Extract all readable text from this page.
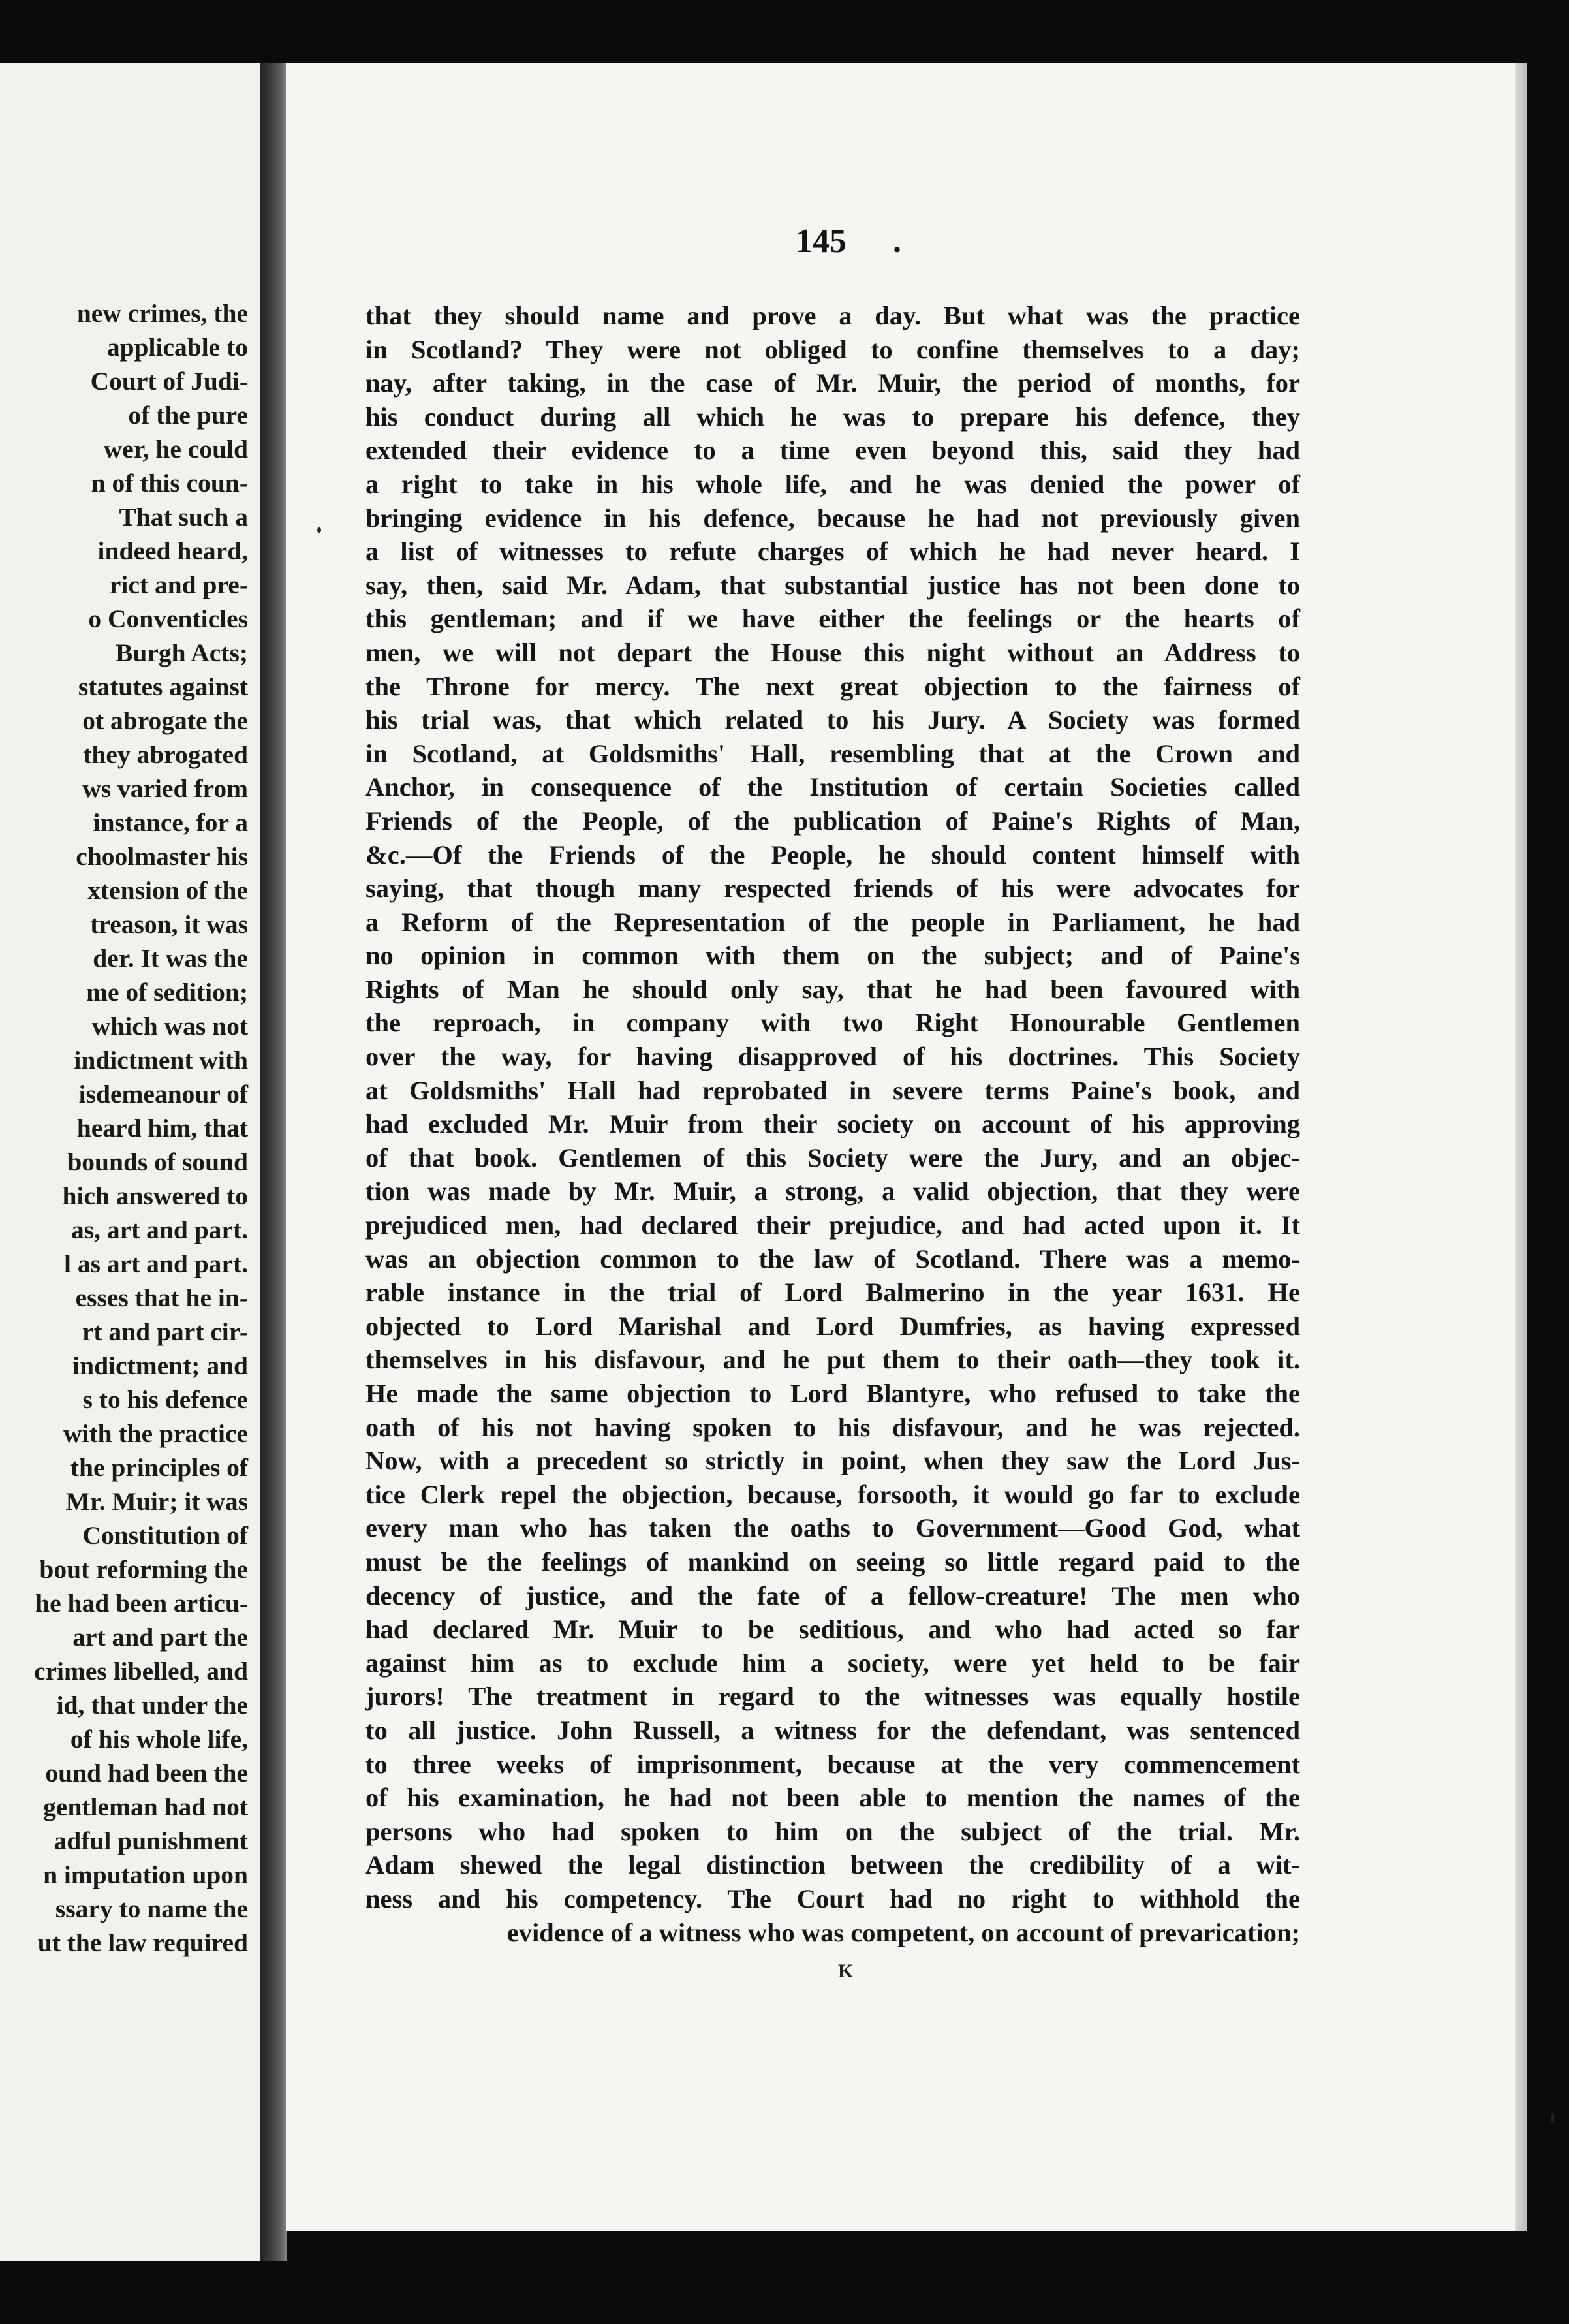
new crimes, the
applicable to
Court of Judi-
of the pure
wer, he could
n of this coun-
That such a
indeed heard,
rict and pre-
o Conventicles
Burgh Acts;
statutes against
ot abrogate the
they abrogated
ws varied from
instance, for a
choolmaster his
xtension of the
treason, it was
der. It was the
me of sedition;
which was not
indictment with
isdemeanour of
heard him, that
bounds of sound
hich answered to
as, art and part.
l as art and part.
esses that he in-
rt and part cir-
indictment; and
s to his defence
with the practice
the principles of
Mr. Muir; it was
Constitution of
bout reforming the
he had been articu-
art and part the
crimes libelled, and
id, that under the
of his whole life,
ound had been the
gentleman had not
adful punishment
n imputation upon
ssary to name the
ut the law required
145 .
that they should name and prove a day. But what was the practice
in Scotland? They were not obliged to confine themselves to a day;
nay, after taking, in the case of Mr. Muir, the period of months, for
his conduct during all which he was to prepare his defence, they
extended their evidence to a time even beyond this, said they had
a right to take in his whole life, and he was denied the power of
bringing evidence in his defence, because he had not previously given
a list of witnesses to refute charges of which he had never heard. I
say, then, said Mr. Adam, that substantial justice has not been done to
this gentleman; and if we have either the feelings or the hearts of
men, we will not depart the House this night without an Address to
the Throne for mercy. The next great objection to the fairness of
his trial was, that which related to his Jury. A Society was formed
in Scotland, at Goldsmiths' Hall, resembling that at the Crown and
Anchor, in consequence of the Institution of certain Societies called
Friends of the People, of the publication of Paine's Rights of Man,
&c.—Of the Friends of the People, he should content himself with
saying, that though many respected friends of his were advocates for
a Reform of the Representation of the people in Parliament, he had
no opinion in common with them on the subject; and of Paine's
Rights of Man he should only say, that he had been favoured with
the reproach, in company with two Right Honourable Gentlemen
over the way, for having disapproved of his doctrines. This Society
at Goldsmiths' Hall had reprobated in severe terms Paine's book, and
had excluded Mr. Muir from their society on account of his approving
of that book. Gentlemen of this Society were the Jury, and an objec-
tion was made by Mr. Muir, a strong, a valid objection, that they were
prejudiced men, had declared their prejudice, and had acted upon it. It
was an objection common to the law of Scotland. There was a memo-
rable instance in the trial of Lord Balmerino in the year 1631. He
objected to Lord Marishal and Lord Dumfries, as having expressed
themselves in his disfavour, and he put them to their oath—they took it.
He made the same objection to Lord Blantyre, who refused to take the
oath of his not having spoken to his disfavour, and he was rejected.
Now, with a precedent so strictly in point, when they saw the Lord Jus-
tice Clerk repel the objection, because, forsooth, it would go far to exclude
every man who has taken the oaths to Government—Good God, what
must be the feelings of mankind on seeing so little regard paid to the
decency of justice, and the fate of a fellow-creature! The men who
had declared Mr. Muir to be seditious, and who had acted so far
against him as to exclude him a society, were yet held to be fair
jurors! The treatment in regard to the witnesses was equally hostile
to all justice. John Russell, a witness for the defendant, was sentenced
to three weeks of imprisonment, because at the very commencement
of his examination, he had not been able to mention the names of the
persons who had spoken to him on the subject of the trial. Mr.
Adam shewed the legal distinction between the credibility of a wit-
ness and his competency. The Court had no right to withhold the
evidence of a witness who was competent, on account of prevarication;
K
